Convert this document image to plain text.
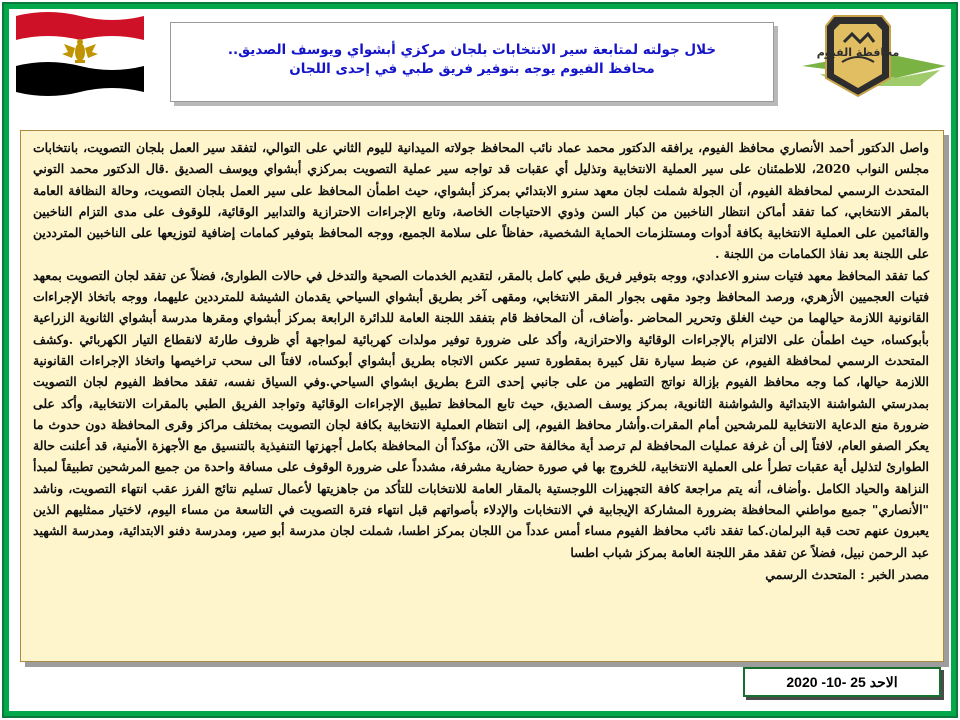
خلال جولته لمتابعة سير الانتخابات بلجان مركزي أبشواي ويوسف الصديق..
محافظ الفيوم يوجه بتوفير فريق طبي في إحدى اللجان
محافظة الفيوم

واصل الدكتور أحمد الأنصاري محافظ الفيوم، يرافقه الدكتور محمد عماد نائب المحافظ جولاته الميدانية لليوم الثاني على التوالي، لتفقد سير العمل بلجان التصويت، بانتخابات مجلس النواب 2020، للاطمئنان على سير العملية الانتخابية وتذليل أي عقبات قد تواجه سير عملية التصويت بمركزي أبشواي ويوسف الصديق .قال الدكتور محمد التوني المتحدث الرسمي لمحافظة الفيوم، أن الجولة شملت لجان معهد سنرو الابتدائي بمركز أبشواي، حيث اطمأن المحافظ على سير العمل بلجان التصويت، وحالة النظافة العامة بالمقر الانتخابي، كما تفقد أماكن انتظار الناخبين من كبار السن وذوي الاحتياجات الخاصة، وتابع الإجراءات الاحترازية والتدابير الوقائية، للوقوف على مدى التزام الناخبين والقائمين على العملية الانتخابية بكافة أدوات ومستلزمات الحماية الشخصية، حفاظاً على سلامة الجميع، ووجه المحافظ بتوفير كمامات إضافية لتوزيعها على الناخبين المترددين على اللجنة بعد نفاذ الكمامات من اللجنة .

كما تفقد المحافظ معهد فتيات سنرو الاعدادي، ووجه بتوفير فريق طبي كامل بالمقر، لتقديم الخدمات الصحية والتدخل في حالات الطوارئ، فضلاً عن تفقد لجان التصويت بمعهد فتيات العجميين الأزهري، ورصد المحافظ وجود مقهى بجوار المقر الانتخابي، ومقهى آخر بطريق أبشواي السياحي يقدمان الشيشة للمترددين عليهما، ووجه باتخاذ الإجراءات القانونية اللازمة حيالهما من حيث الغلق وتحرير المحاضر .وأضاف، أن المحافظ قام بتفقد اللجنة العامة للدائرة الرابعة بمركز أبشواي ومقرها مدرسة أبشواي الثانوية الزراعية بأبوكساه، حيث اطمأن على الالتزام بالإجراءات الوقائية والاحترازية، وأكد على ضرورة توفير مولدات كهربائية لمواجهة أي ظروف طارئة لانقطاع التيار الكهربائي .وكشف المتحدث الرسمي لمحافظة الفيوم، عن ضبط سيارة نقل كبيرة بمقطورة تسير عكس الاتجاه بطريق أبشواي أبوكساه، لافتاً الى سحب تراخيصها واتخاذ الإجراءات القانونية اللازمة حيالها، كما وجه محافظ الفيوم بإزالة نواتج التطهير من على جانبي إحدى الترع بطريق ابشواي السياحي.وفي السياق نفسه، تفقد محافظ الفيوم لجان التصويت بمدرستي الشواشنة الابتدائية والشواشنة الثانوية، بمركز يوسف الصديق، حيث تابع المحافظ تطبيق الإجراءات الوقائية وتواجد الفريق الطبي بالمقرات الانتخابية، وأكد على ضرورة منع الدعاية الانتخابية للمرشحين أمام المقرات.وأشار محافظ الفيوم، إلى انتظام العملية الانتخابية بكافة لجان التصويت بمختلف مراكز وقرى المحافظة دون حدوث ما يعكر الصفو العام، لافتاً إلى أن غرفة عمليات المحافظة لم ترصد أية مخالفة حتى الآن، مؤكداً أن المحافظة بكامل أجهزتها التنفيذية بالتنسيق مع الأجهزة الأمنية، قد أعلنت حالة الطوارئ لتذليل أية عقبات تطرأ على العملية الانتخابية، للخروج بها في صورة حضارية مشرفة، مشدداً على ضرورة الوقوف على مسافة واحدة من جميع المرشحين تطبيقاً لمبدأ النزاهة والحياد الكامل .وأضاف، أنه يتم مراجعة كافة التجهيزات اللوجستية بالمقار العامة للانتخابات للتأكد من جاهزيتها لأعمال تسليم نتائج الفرز عقب انتهاء التصويت، وناشد "الأنصاري" جميع مواطني المحافظة بضرورة المشاركة الإيجابية في الانتخابات والإدلاء بأصواتهم قبل انتهاء فترة التصويت في التاسعة من مساء اليوم، لاختيار ممثليهم الذين يعبرون عنهم تحت قبة البرلمان.كما تفقد نائب محافظ الفيوم مساء أمس عدداً من اللجان بمركز اطسا، شملت لجان مدرسة أبو صير، ومدرسة دفنو الابتدائية، ومدرسة الشهيد عبد الرحمن نبيل، فضلاً عن تفقد مقر اللجنة العامة بمركز شباب اطسا

مصدر الخبر : المتحدث الرسمي

الاحد 25 -10- 2020
